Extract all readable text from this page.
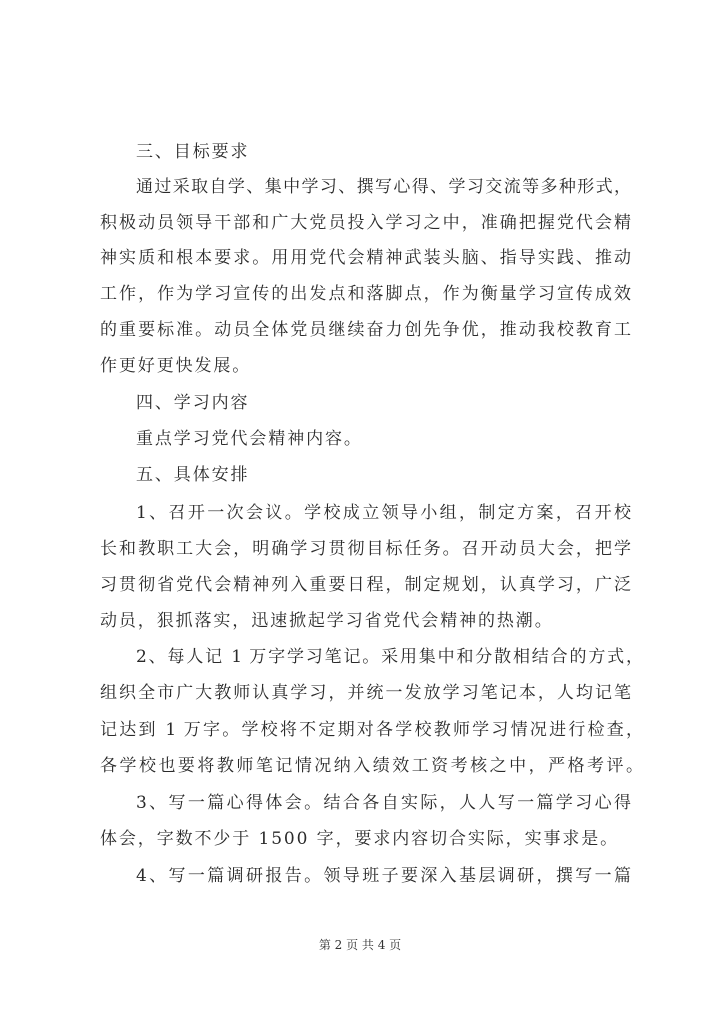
三、目标要求
通过采取自学、集中学习、撰写心得、学习交流等多种形式，
积极动员领导干部和广大党员投入学习之中，准确把握党代会精
神实质和根本要求。用用党代会精神武装头脑、指导实践、推动
工作，作为学习宣传的出发点和落脚点，作为衡量学习宣传成效
的重要标准。动员全体党员继续奋力创先争优，推动我校教育工
作更好更快发展。
四、学习内容
重点学习党代会精神内容。
五、具体安排
1、召开一次会议。学校成立领导小组，制定方案，召开校
长和教职工大会，明确学习贯彻目标任务。召开动员大会，把学
习贯彻省党代会精神列入重要日程，制定规划，认真学习，广泛
动员，狠抓落实，迅速掀起学习省党代会精神的热潮。
2、每人记 1 万字学习笔记。采用集中和分散相结合的方式，
组织全市广大教师认真学习，并统一发放学习笔记本，人均记笔
记达到 1 万字。学校将不定期对各学校教师学习情况进行检查，
各学校也要将教师笔记情况纳入绩效工资考核之中，严格考评。
3、写一篇心得体会。结合各自实际，人人写一篇学习心得
体会，字数不少于 1500 字，要求内容切合实际，实事求是。
4、写一篇调研报告。领导班子要深入基层调研，撰写一篇
第 2 页 共 4 页
